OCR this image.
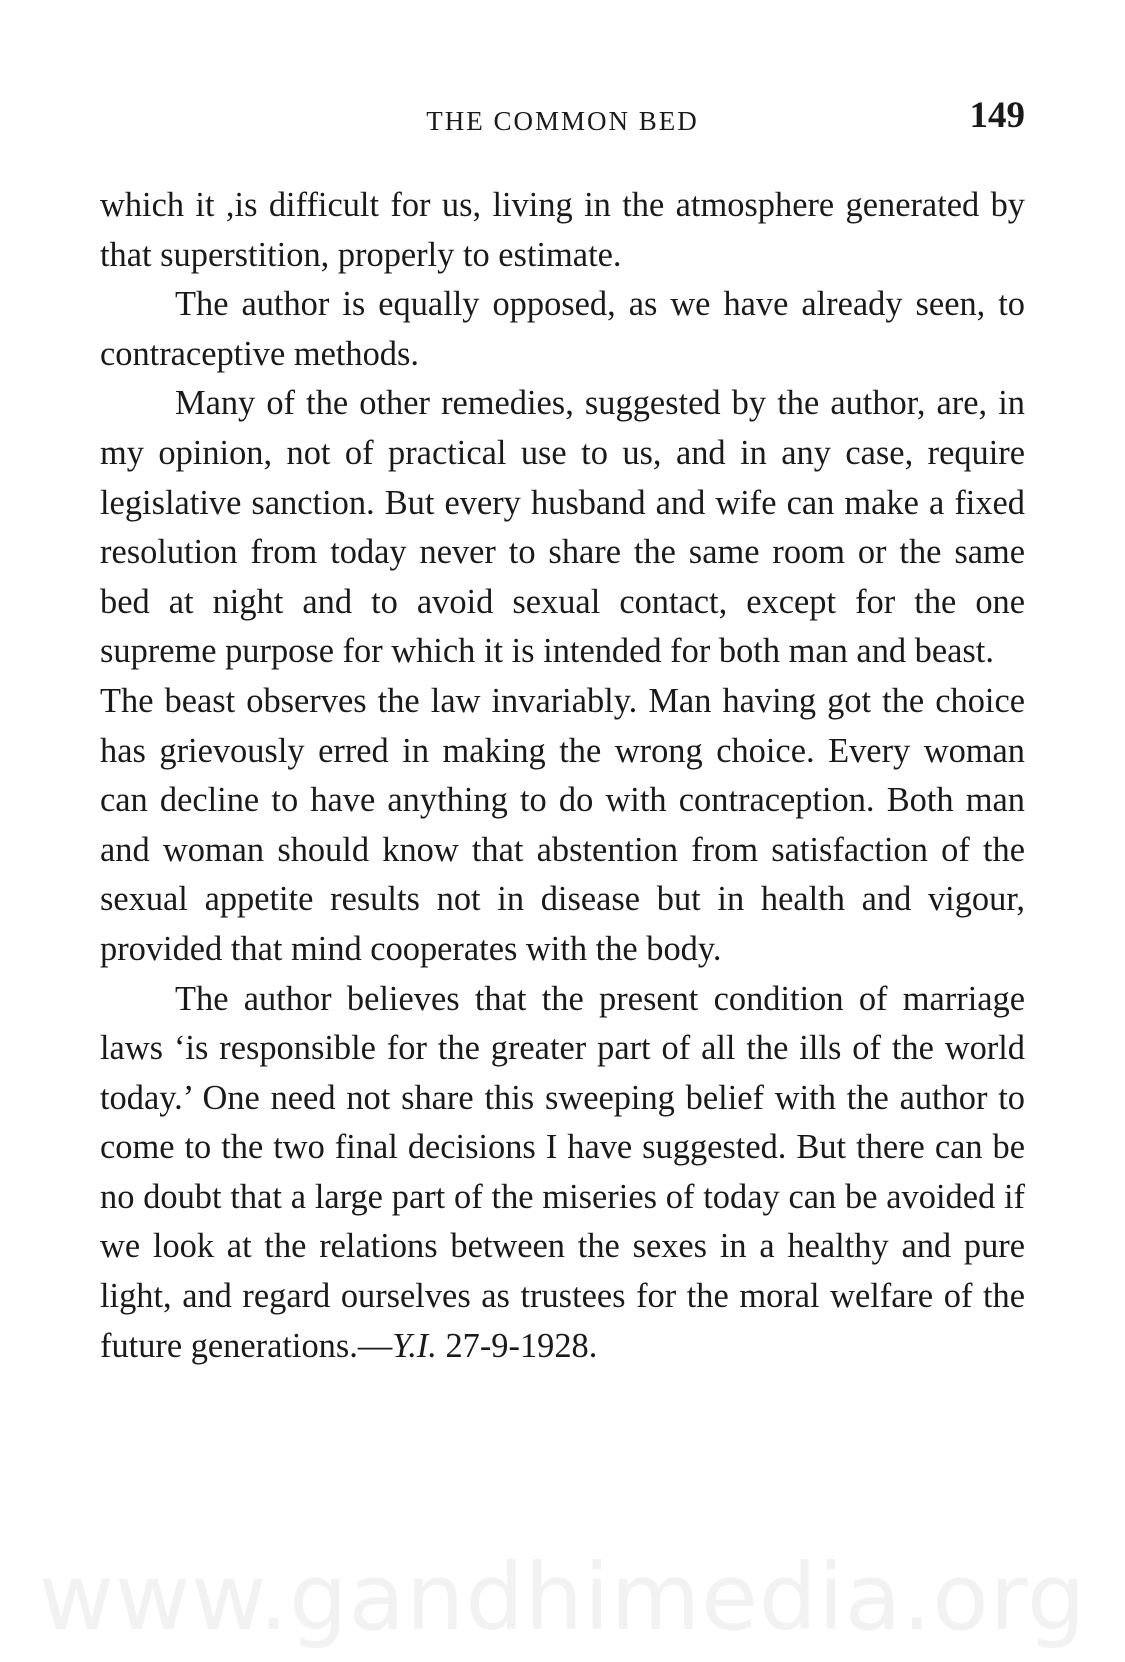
THE COMMON BED	149

which it ,is difficult for us, living in the atmosphere generated by that superstition, properly to estimate.

The author is equally opposed, as we have already seen, to contraceptive methods.

Many of the other remedies, suggested by the author, are, in my opinion, not of practical use to us, and in any case, require legislative sanction. But every husband and wife can make a fixed resolution from today never to share the same room or the same bed at night and to avoid sexual contact, except for the one supreme purpose for which it is intended for both man and beast.

The beast observes the law invariably. Man having got the choice has grievously erred in making the wrong choice. Every woman can decline to have anything to do with contraception. Both man and woman should know that abstention from satisfaction of the sexual appetite results not in disease but in health and vigour, provided that mind cooperates with the body.

The author believes that the present condition of marriage laws ‘is responsible for the greater part of all the ills of the world today.’ One need not share this sweeping belief with the author to come to the two final decisions I have suggested. But there can be no doubt that a large part of the miseries of today can be avoided if we look at the relations between the sexes in a healthy and pure light, and regard ourselves as trustees for the moral welfare of the future generations.—Y.I. 27-9-1928.

www.gandhimedia.org
